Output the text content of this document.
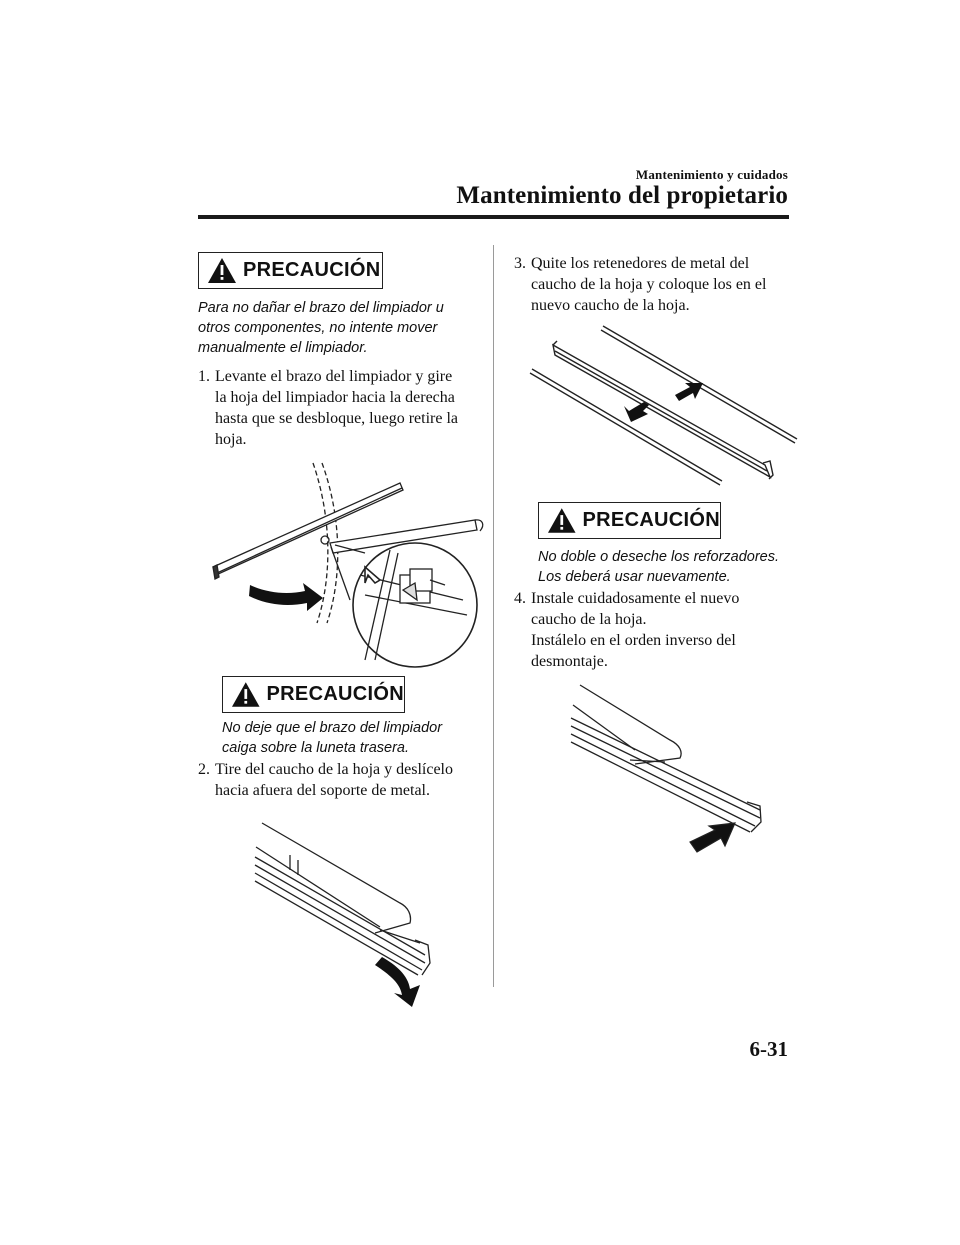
Mantenimiento y cuidados
Mantenimiento del propietario
PRECAUCIÓN
Para no dañar el brazo del limpiador u
otros componentes, no intente mover
manualmente el limpiador.
1. Levante el brazo del limpiador y gire
la hoja del limpiador hacia la derecha
hasta que se desbloque, luego retire la
hoja.
PRECAUCIÓN
No deje que el brazo del limpiador
caiga sobre la luneta trasera.
2. Tire del caucho de la hoja y deslícelo
hacia afuera del soporte de metal.
3. Quite los retenedores de metal del
caucho de la hoja y coloque los en el
nuevo caucho de la hoja.
PRECAUCIÓN
No doble o deseche los reforzadores.
Los deberá usar nuevamente.
4. Instale cuidadosamente el nuevo
caucho de la hoja.
Instálelo en el orden inverso del
desmontaje.
6-31
